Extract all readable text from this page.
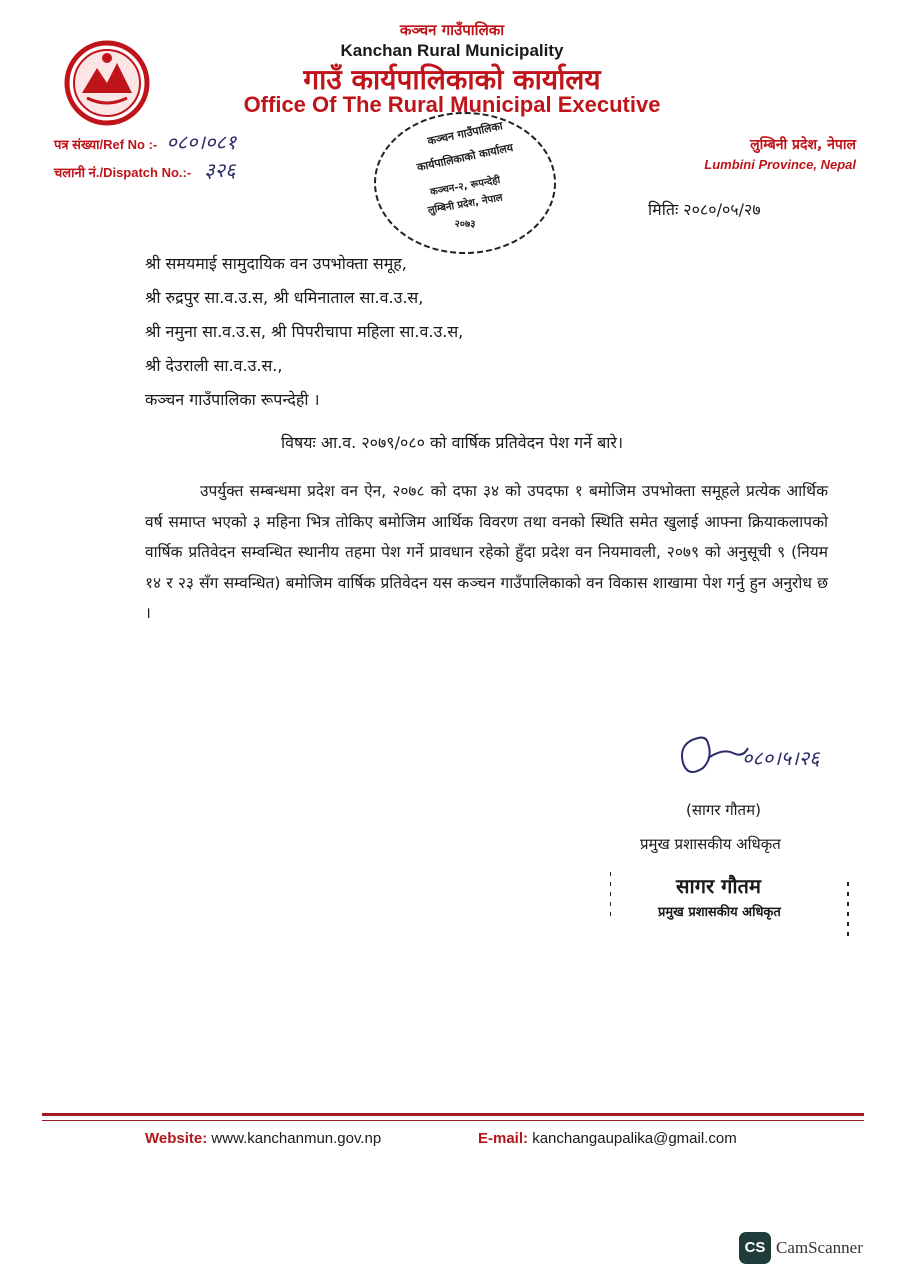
कञ्चन गाउँपालिका
Kanchan Rural Municipality
गाउँ कार्यपालिकाको कार्यालय
Office Of The Rural Municipal Executive
पत्र संख्या/Ref No :- ०८०।०८१
चलानी नं./Dispatch No.:- ३२६
लुम्बिनी प्रदेश, नेपाल
Lumbini Province, Nepal
कञ्चन गाउँपालिका
कार्यपालिकाको कार्यालय
कञ्चन-२, रूपन्देही
लुम्बिनी प्रदेश, नेपाल
२०७३
मितिः २०८०/०५/२७
श्री समयमाई सामुदायिक वन उपभोक्ता समूह,
श्री रुद्रपुर सा.व.उ.स, श्री धमिनाताल सा.व.उ.स,
श्री नमुना सा.व.उ.स, श्री पिपरीचापा महिला सा.व.उ.स,
श्री देउराली सा.व.उ.स.,
कञ्चन गाउँपालिका रूपन्देही ।
विषयः आ.व. २०७९/०८० को वार्षिक प्रतिवेदन पेश गर्ने बारे।
उपर्युक्त सम्बन्धमा प्रदेश वन ऐन, २०७८ को दफा ३४ को उपदफा १ बमोजिम उपभोक्ता समूहले प्रत्येक आर्थिक वर्ष समाप्त भएको ३ महिना भित्र तोकिए बमोजिम आर्थिक विवरण तथा वनको स्थिति समेत खुलाई आफ्ना क्रियाकलापको वार्षिक प्रतिवेदन सम्वन्धित स्थानीय तहमा पेश गर्ने प्रावधान रहेको हुँदा प्रदेश वन नियमावली, २०७९ को अनुसूची ९ (नियम १४ र २३ सँग सम्वन्धित) बमोजिम वार्षिक प्रतिवेदन यस कञ्चन गाउँपालिकाको वन विकास शाखामा पेश गर्नु हुन अनुरोध छ ।
०८०।५।२६
(सागर गौतम)
प्रमुख प्रशासकीय अधिकृत
सागर गौतम
प्रमुख प्रशासकीय अधिकृत
Website: www.kanchanmun.gov.np	E-mail: kanchangaupalika@gmail.com
CS CamScanner
